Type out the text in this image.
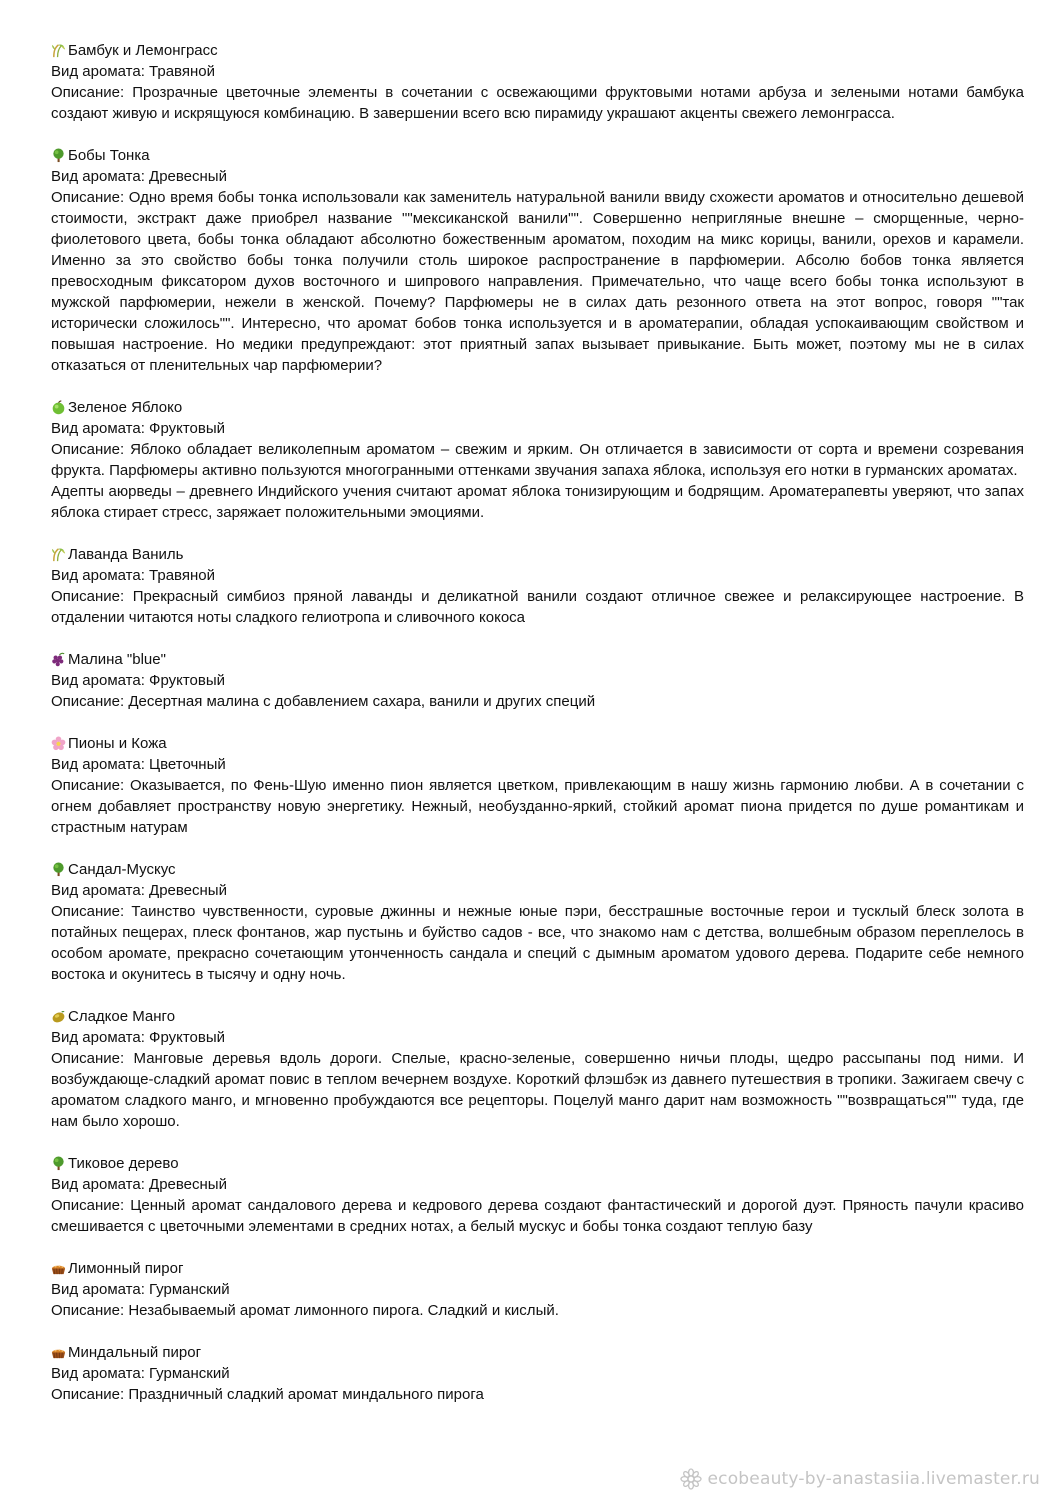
Бамбук и Лемонграсс
Вид аромата: Травяной

Описание: Прозрачные цветочные элементы в сочетании с освежающими фруктовыми нотами арбуза и зелеными нотами бамбука создают живую и искрящуюся комбинацию. В завершении всего всю пирамиду украшают акценты свежего лемонграсса.

Бобы Тонка
Вид аромата: Древесный

Описание: Одно время бобы тонка использовали как заменитель натуральной ванили ввиду схожести ароматов и относительно дешевой стоимости, экстракт даже приобрел название ""мексиканской ванили"". Совершенно непригляные внешне – сморщенные, черно-фиолетового цвета, бобы тонка обладают абсолютно божественным ароматом, походим на микс корицы, ванили, орехов и карамели. Именно за это свойство бобы тонка получили столь широкое распространение в парфюмерии. Абсолю бобов тонка является превосходным фиксатором духов восточного и шипрового направления. Примечательно, что чаще всего бобы тонка используют в мужской парфюмерии, нежели в женской. Почему? Парфюмеры не в силах дать резонного ответа на этот вопрос, говоря ""так исторически сложилось"". Интересно, что аромат бобов тонка используется и в ароматерапии, обладая успокаивающим свойством и повышая настроение. Но медики предупреждают: этот приятный запах вызывает привыкание. Быть может, поэтому мы не в силах отказаться от пленительных чар парфюмерии?

Зеленое Яблоко
Вид аромата: Фруктовый

Описание: Яблоко обладает великолепным ароматом – свежим и ярким. Он отличается в зависимости от сорта и времени созревания фрукта. Парфюмеры активно пользуются многогранными оттенками звучания запаха яблока, используя его нотки в гурманских ароматах.

Адепты аюрведы – древнего Индийского учения считают аромат яблока тонизирующим и бодрящим. Ароматерапевты уверяют, что запах яблока стирает стресс, заряжает положительными эмоциями.

Лаванда Ваниль
Вид аромата: Травяной

Описание: Прекрасный симбиоз пряной лаванды и деликатной ванили создают отличное свежее и релаксирующее настроение. В отдалении читаются ноты сладкого гелиотропа и сливочного кокоса

Малина "blue"
Вид аромата: Фруктовый

Описание: Десертная малина с добавлением сахара, ванили и других специй

Пионы и Кожа
Вид аромата: Цветочный

Описание: Оказывается, по Фень-Шую именно пион является цветком, привлекающим в нашу жизнь гармонию любви. А в сочетании с огнем добавляет пространству новую энергетику. Нежный, необузданно-яркий, стойкий аромат пиона придется по душе романтикам и страстным натурам

Сандал-Мускус
Вид аромата: Древесный

Описание: Таинство чувственности, суровые джинны и нежные юные пэри, бесстрашные восточные герои и тусклый блеск золота в потайных пещерах, плеск фонтанов, жар пустынь и буйство садов - все, что знакомо нам с детства, волшебным образом переплелось в особом аромате, прекрасно сочетающим утонченность сандала и специй с дымным ароматом удового дерева. Подарите себе немного востока и окунитесь в тысячу и одну ночь.

Сладкое Манго
Вид аромата: Фруктовый

Описание: Манговые деревья вдоль дороги. Спелые, красно-зеленые, совершенно ничьи плоды, щедро рассыпаны под ними. И возбуждающе-сладкий аромат повис в теплом вечернем воздухе. Короткий флэшбэк из давнего путешествия в тропики. Зажигаем свечу с ароматом сладкого манго, и мгновенно пробуждаются все рецепторы. Поцелуй манго дарит нам возможность ""возвращаться"" туда, где нам было хорошо.

Тиковое дерево
Вид аромата: Древесный

Описание: Ценный аромат сандалового дерева и кедрового дерева создают фантастический и дорогой дуэт. Пряность пачули красиво смешивается с цветочными элементами в средних нотах, а белый мускус и бобы тонка создают теплую базу

Лимонный пирог
Вид аромата: Гурманский

Описание: Незабываемый аромат лимонного пирога. Сладкий и кислый.

Миндальный пирог
Вид аромата: Гурманский

Описание: Праздничный сладкий аромат миндального пирога

ecobeauty-by-anastasiia.livemaster.ru
